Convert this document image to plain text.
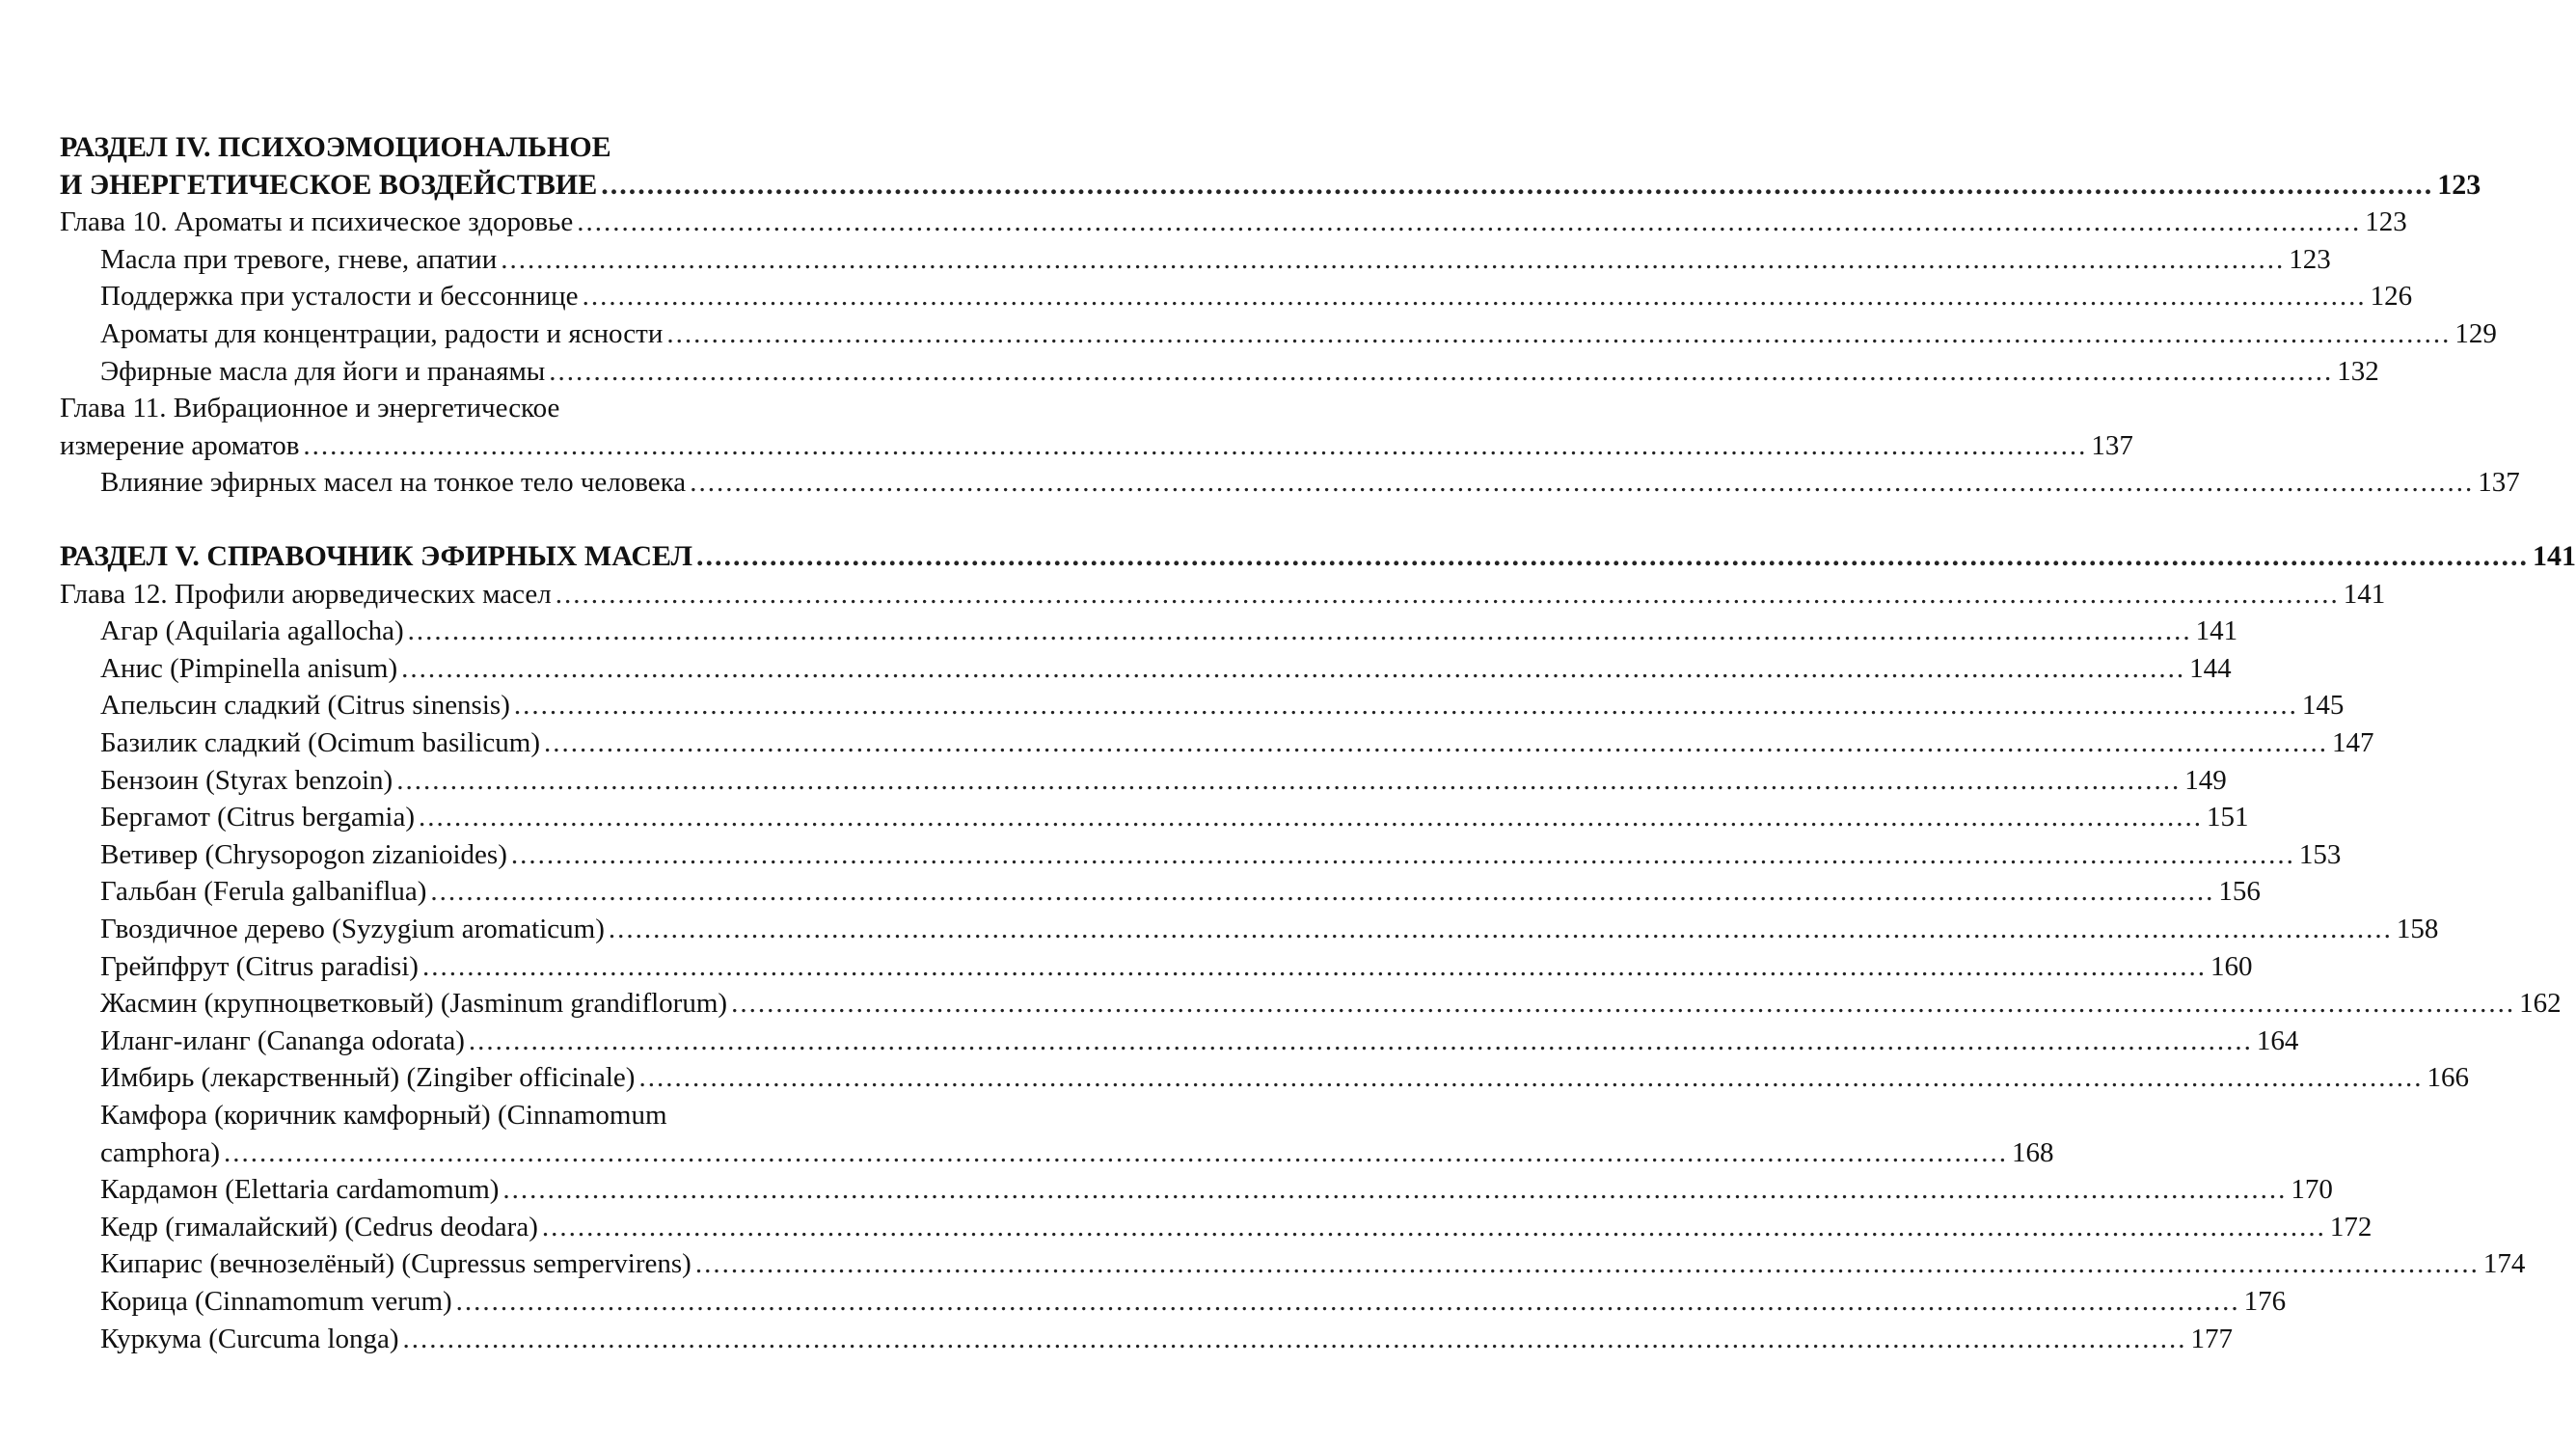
РАЗДЕЛ IV. ПСИХОЭМОЦИОНАЛЬНОЕ
И ЭНЕРГЕТИЧЕСКОЕ ВОЗДЕЙСТВИЕ ........................................................................................................................................................................................................ 123
Глава 10. Ароматы и психическое здоровье ........................................................................................................................................................................................................ 123
Масла при тревоге, гневе, апатии ........................................................................................................................................................................................................ 123
Поддержка при усталости и бессоннице ........................................................................................................................................................................................................ 126
Ароматы для концентрации, радости и ясности ........................................................................................................................................................................................................ 129
Эфирные масла для йоги и пранаямы ........................................................................................................................................................................................................ 132
Глава 11. Вибрационное и энергетическое
измерение ароматов ........................................................................................................................................................................................................ 137
Влияние эфирных масел на тонкое тело человека ........................................................................................................................................................................................................ 137
РАЗДЕЛ V. СПРАВОЧНИК ЭФИРНЫХ МАСЕЛ ........................................................................................................................................................................................................ 141
Глава 12. Профили аюрведических масел ........................................................................................................................................................................................................ 141
Агар (Aquilaria agallocha) ........................................................................................................................................................................................................ 141
Анис (Pimpinella anisum) ........................................................................................................................................................................................................ 144
Апельсин сладкий (Citrus sinensis) ........................................................................................................................................................................................................ 145
Базилик сладкий (Ocimum basilicum) ........................................................................................................................................................................................................ 147
Бензоин (Styrax benzoin) ........................................................................................................................................................................................................ 149
Бергамот (Citrus bergamia) ........................................................................................................................................................................................................ 151
Ветивер (Chrysopogon zizanioides) ........................................................................................................................................................................................................ 153
Гальбан (Ferula galbaniflua) ........................................................................................................................................................................................................ 156
Гвоздичное дерево (Syzygium aromaticum) ........................................................................................................................................................................................................ 158
Грейпфрут (Citrus paradisi) ........................................................................................................................................................................................................ 160
Жасмин (крупноцветковый) (Jasminum grandiflorum) ........................................................................................................................................................................................................ 162
Иланг-иланг (Cananga odorata) ........................................................................................................................................................................................................ 164
Имбирь (лекарственный) (Zingiber officinale) ........................................................................................................................................................................................................ 166
Камфора (коричник камфорный) (Cinnamomum
camphora) ........................................................................................................................................................................................................ 168
Кардамон (Elettaria cardamomum) ........................................................................................................................................................................................................ 170
Кедр (гималайский) (Cedrus deodara) ........................................................................................................................................................................................................ 172
Кипарис (вечнозелёный) (Cupressus sempervirens) ........................................................................................................................................................................................................ 174
Корица (Cinnamomum verum) ........................................................................................................................................................................................................ 176
Куркума (Curcuma longa) ........................................................................................................................................................................................................ 177
